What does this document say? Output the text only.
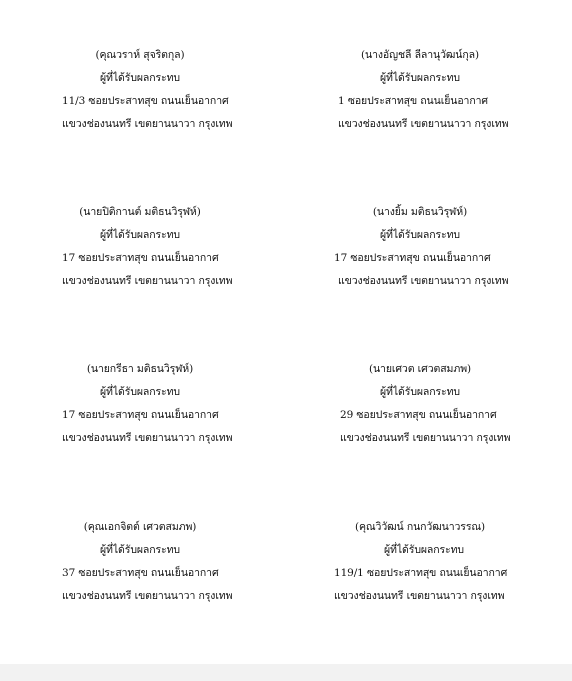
(คุณวราห์ สุจริตกุล)
ผู้ที่ได้รับผลกระทบ
11/3 ซอยประสาทสุข ถนนเย็นอากาศ
แขวงช่องนนทรี เขตยานนาวา กรุงเทพ
(นางอัญชลี ลีลานุวัฒน์กุล)
ผู้ที่ได้รับผลกระทบ
1 ซอยประสาทสุข ถนนเย็นอากาศ
แขวงช่องนนทรี เขตยานนาวา กรุงเทพ
(นายปิติกานต์ มติธนวิรุฬห์)
ผู้ที่ได้รับผลกระทบ
17 ซอยประสาทสุข ถนนเย็นอากาศ
แขวงช่องนนทรี เขตยานนาวา กรุงเทพ
(นางยิ้ม มติธนวิรุฬห์)
ผู้ที่ได้รับผลกระทบ
17 ซอยประสาทสุข ถนนเย็นอากาศ
แขวงช่องนนทรี เขตยานนาวา กรุงเทพ
(นายกรีธา มติธนวิรุฬห์)
ผู้ที่ได้รับผลกระทบ
17 ซอยประสาทสุข ถนนเย็นอากาศ
แขวงช่องนนทรี เขตยานนาวา กรุงเทพ
(นายเศวต เศวตสมภพ)
ผู้ที่ได้รับผลกระทบ
29 ซอยประสาทสุข ถนนเย็นอากาศ
แขวงช่องนนทรี เขตยานนาวา กรุงเทพ
(คุณเอกจิตต์ เศวตสมภพ)
ผู้ที่ได้รับผลกระทบ
37 ซอยประสาทสุข ถนนเย็นอากาศ
แขวงช่องนนทรี เขตยานนาวา กรุงเทพ
(คุณวิวัฒน์ กนกวัฒนาวรรณ)
ผู้ที่ได้รับผลกระทบ
119/1 ซอยประสาทสุข ถนนเย็นอากาศ
แขวงช่องนนทรี เขตยานนาวา กรุงเทพ
